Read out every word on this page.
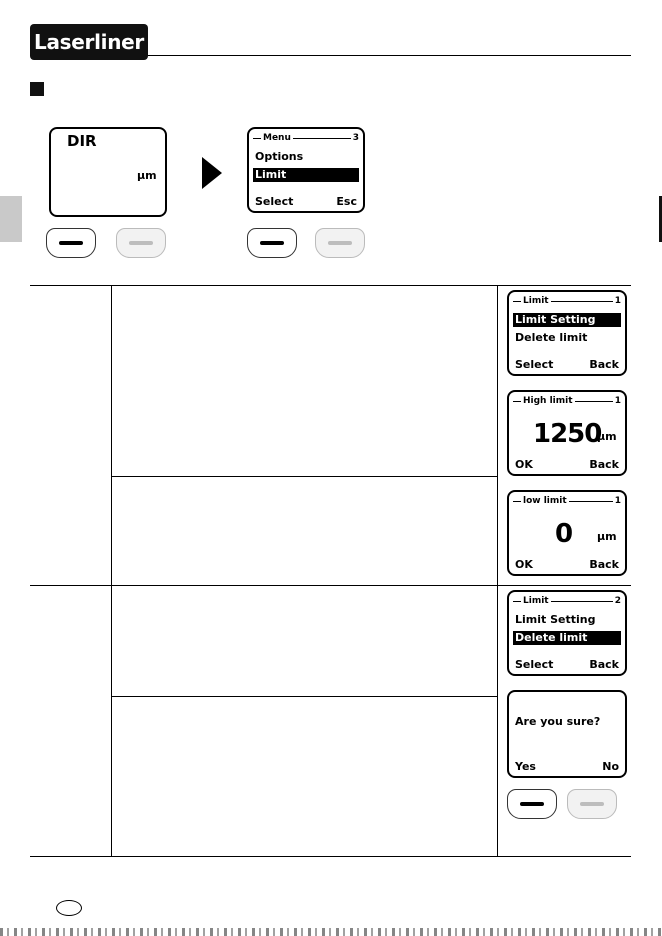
Laserliner
DIR
µm
Menu	3
Options
Limit
Select	Esc
Limit	1
Limit Setting
Delete limit
Select	Back
High limit	1
1250
µm
OK	Back
low limit	1
0 µm
OK	Back
Limit	2
Limit Setting
Delete limit
Select	Back
Are you sure?
Yes	No
